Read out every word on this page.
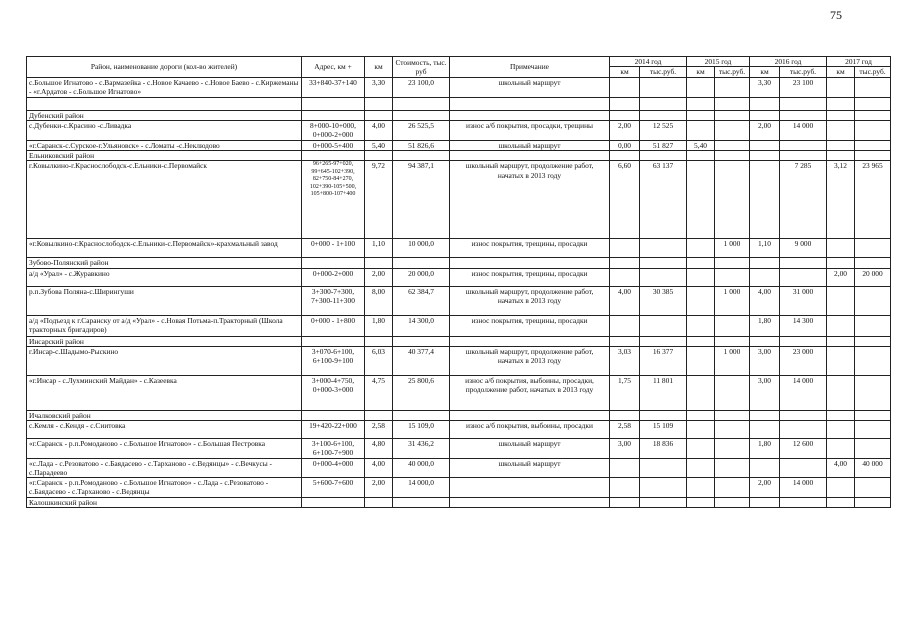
75
Район, наименование дороги (кол-во жителей)	Адрес, км +	км	Стоимость, тыс. руб	Примечание	2014 год		2015 год		2016 год		2017 год	
					км	тыс.руб.	км	тыс.руб.	км	тыс.руб.	км	тыс.руб.
с.Большое Игнатово - с.Вармазейка - с.Новое Качаево - с.Новое Баево - с.Киржеманы - «г.Ардатов - с.Большое Игнатово»	33+840-37+140	3,30	23 100,0	школьный маршрут					3,30	23 100		

Дубенский район												
с.Дубенки-с.Красино -с.Ливадка	8+000-10+000, 0+000-2+000	4,00	26 525,5	износ а/б покрытия, просадки, трещины	2,00	12 525			2,00	14 000		
«г.Саранск-с.Сурское-г.Ульяновск» - с.Ломаты -с.Неклюдово	0+000-5+400	5,40	51 826,6	школьный маршрут	0,00	51 827	5,40					
Ельниковский район												
г.Ковылкино-г.Краснослободск-с.Ельники-с.Первомайск	96+265-97+020, 99+645-102+390, 82+750-84+270, 102+390-105+500, 105+800-107+400	9,72	94 387,1	школьный маршрут, продолжение работ, начатых в 2013 году	6,60	63 137				7 285	3,12	23 965
«г.Ковылкино-г.Краснослободск-с.Ельники-с.Первомайск»-крахмальный завод	0+000 - 1+100	1,10	10 000,0	износ покрытия, трещины, просадки				1 000	1,10	9 000		
Зубово-Полянский район												
а/д «Урал» - с.Журавкино	0+000-2+000	2,00	20 000,0	износ покрытия, трещины, просадки							2,00	20 000
р.п.Зубова Поляна-с.Ширингуши	3+300-7+300, 7+300-11+300	8,00	62 384,7	школьный маршрут, продолжение работ, начатых в 2013 году	4,00	30 385		1 000	4,00	31 000		
а/д «Подъезд к г.Саранску от а/д «Урал» - с.Новая Потьма-п.Тракторный (Школа тракторных бригадиров)	0+000 - 1+800	1,80	14 300,0	износ покрытия, трещины, просадки					1,80	14 300		
Инсарский район												
г.Инсар-с.Шадымо-Рыскино	3+070-6+100, 6+100-9+100	6,03	40 377,4	школьный маршрут, продолжение работ, начатых в 2013 году	3,03	16 377		1 000	3,00	23 000		
«г.Инсар - с.Лухминский Майдан» - с.Казеевка	3+000-4+750, 0+000-3+000	4,75	25 800,6	износ а/б покрытия, выбоины, просадки, продолжение работ, начатых в 2013 году	1,75	11 801			3,00	14 000		
Ичалковский район												
с.Кемля - с.Кендя - с.Сиитовка	19+420-22+000	2,58	15 109,0	износ а/б покрытия, выбоины, просадки	2,58	15 109						
«г.Саранск - р.п.Ромоданово - с.Большое Игнатово» - с.Большая Пестровка	3+100-6+100, 6+100-7+900	4,80	31 436,2	школьный маршрут	3,00	18 836			1,80	12 600		
«с.Лада - с.Резоватово - с.Баядасево - с.Тарханово - с.Ведянцы» - с.Вечкусы - с.Парадеево	0+000-4+000	4,00	40 000,0	школьный маршрут							4,00	40 000
«г.Саранск - р.п.Ромоданово - с.Большое Игнатово» - с.Лада - с.Резоватово - с.Баядасево - с.Тарханово - с.Ведянцы	5+600-7+600	2,00	14 000,0						2,00	14 000		
Калошкинский район												
